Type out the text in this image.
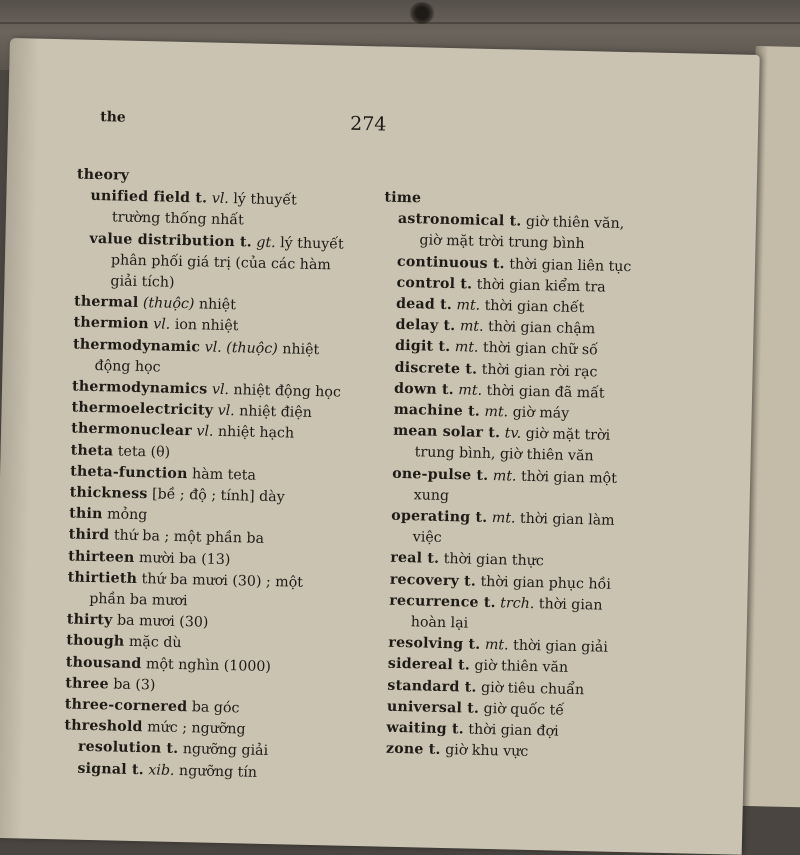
the	274
theory
unified field t. vl. lý thuyết trường thống nhất
value distribution t. gt. lý thuyết phân phối giá trị (của các hàm giải tích)
thermal (thuộc) nhiệt
thermion vl. ion nhiệt
thermodynamic vl. (thuộc) nhiệt động học
thermodynamics vl. nhiệt động học
thermoelectricity vl. nhiệt điện
thermonuclear vl. nhiệt hạch
theta teta (θ)
theta-function hàm teta
thickness [bề ; độ ; tính] dày
thin mỏng
third thứ ba ; một phần ba
thirteen mười ba (13)
thirtieth thứ ba mươi (30) ; một phần ba mươi
thirty ba mươi (30)
though mặc dù
thousand một nghìn (1000)
three ba (3)
three-cornered ba góc
threshold mức ; ngưỡng
resolution t. ngưỡng giải
signal t. xib. ngưỡng tín
time
astronomical t. giờ thiên văn, giờ mặt trời trung bình
continuous t. thời gian liên tục
control t. thời gian kiểm tra
dead t. mt. thời gian chết
delay t. mt. thời gian chậm
digit t. mt. thời gian chữ số
discrete t. thời gian rời rạc
down t. mt. thời gian đã mất
machine t. mt. giờ máy
mean solar t. tv. giờ mặt trời trung bình, giờ thiên văn
one-pulse t. mt. thời gian một xung
operating t. mt. thời gian làm việc
real t. thời gian thực
recovery t. thời gian phục hồi
recurrence t. trch. thời gian hoàn lại
resolving t. mt. thời gian giải
sidereal t. giờ thiên văn
standard t. giờ tiêu chuẩn
universal t. giờ quốc tế
waiting t. thời gian đợi
zone t. giờ khu vực
